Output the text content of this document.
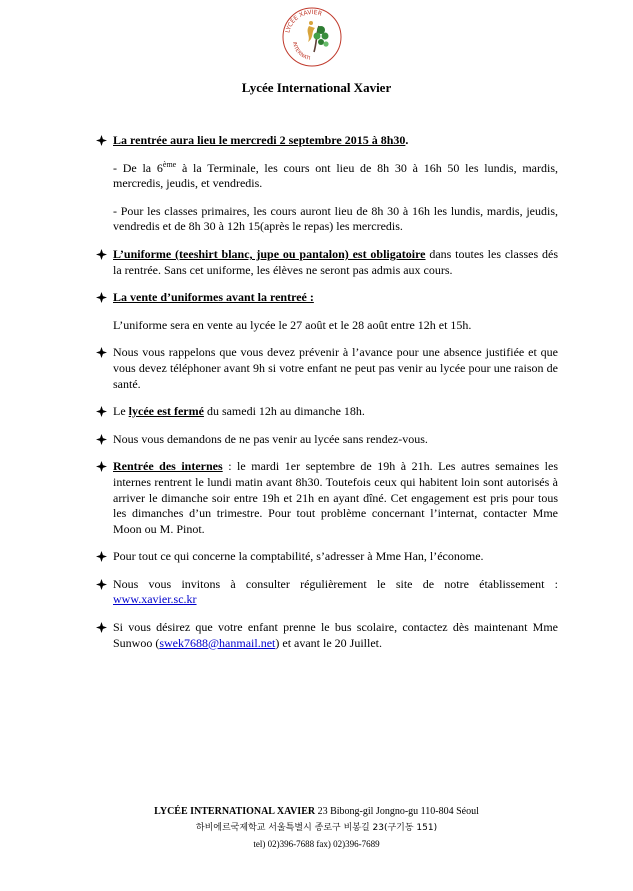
LYCÉE XAVIER
INTERNATI
Lycée International Xavier

La rentrée aura lieu le mercredi 2 septembre 2015 à 8h30.

- De la 6ème à la Terminale, les cours ont lieu de 8h 30 à 16h 50 les lundis, mardis, mercredis, jeudis, et vendredis.
- Pour les classes primaires, les cours auront lieu de 8h 30 à 16h les lundis, mardis, jeudis, vendredis et de 8h 30 à 12h 15(après le repas) les mercredis.

L’uniforme (teeshirt blanc, jupe ou pantalon) est obligatoire dans toutes les classes dés la rentrée. Sans cet uniforme, les élèves ne seront pas admis aux cours.

La vente d’uniformes avant la rentreé :

L’uniforme sera en vente au lycée le 27 août et le 28 août entre 12h et 15h.

Nous vous rappelons que vous devez prévenir à l’avance pour une absence justifiée et que vous devez téléphoner avant 9h si votre enfant ne peut pas venir au lycée pour une raison de santé.

Le lycée est fermé du samedi 12h au dimanche 18h.

Nous vous demandons de ne pas venir au lycée sans rendez-vous.

Rentrée des internes : le mardi 1er septembre de 19h à 21h. Les autres semaines les internes rentrent le lundi matin avant 8h30. Toutefois ceux qui habitent loin sont autorisés à arriver le dimanche soir entre 19h et 21h en ayant dîné. Cet engagement est pris pour tous les dimanches d’un trimestre. Pour tout problème concernant l’internat, contacter Mme Moon ou M. Pinot.

Pour tout ce qui concerne la comptabilité, s’adresser à Mme Han, l’économe.

Nous vous invitons à consulter régulièrement le site de notre établissement : www.xavier.sc.kr

Si vous désirez que votre enfant prenne le bus scolaire, contactez dès maintenant Mme Sunwoo (swek7688@hanmail.net) et avant le 20 Juillet.

LYCÉE INTERNATIONAL XAVIER 23 Bibong-gil Jongno-gu 110-804 Séoul
하비에르국제학교 서울특별시 종로구 비봉길 23(구기동 151)
tel) 02)396-7688 fax) 02)396-7689
